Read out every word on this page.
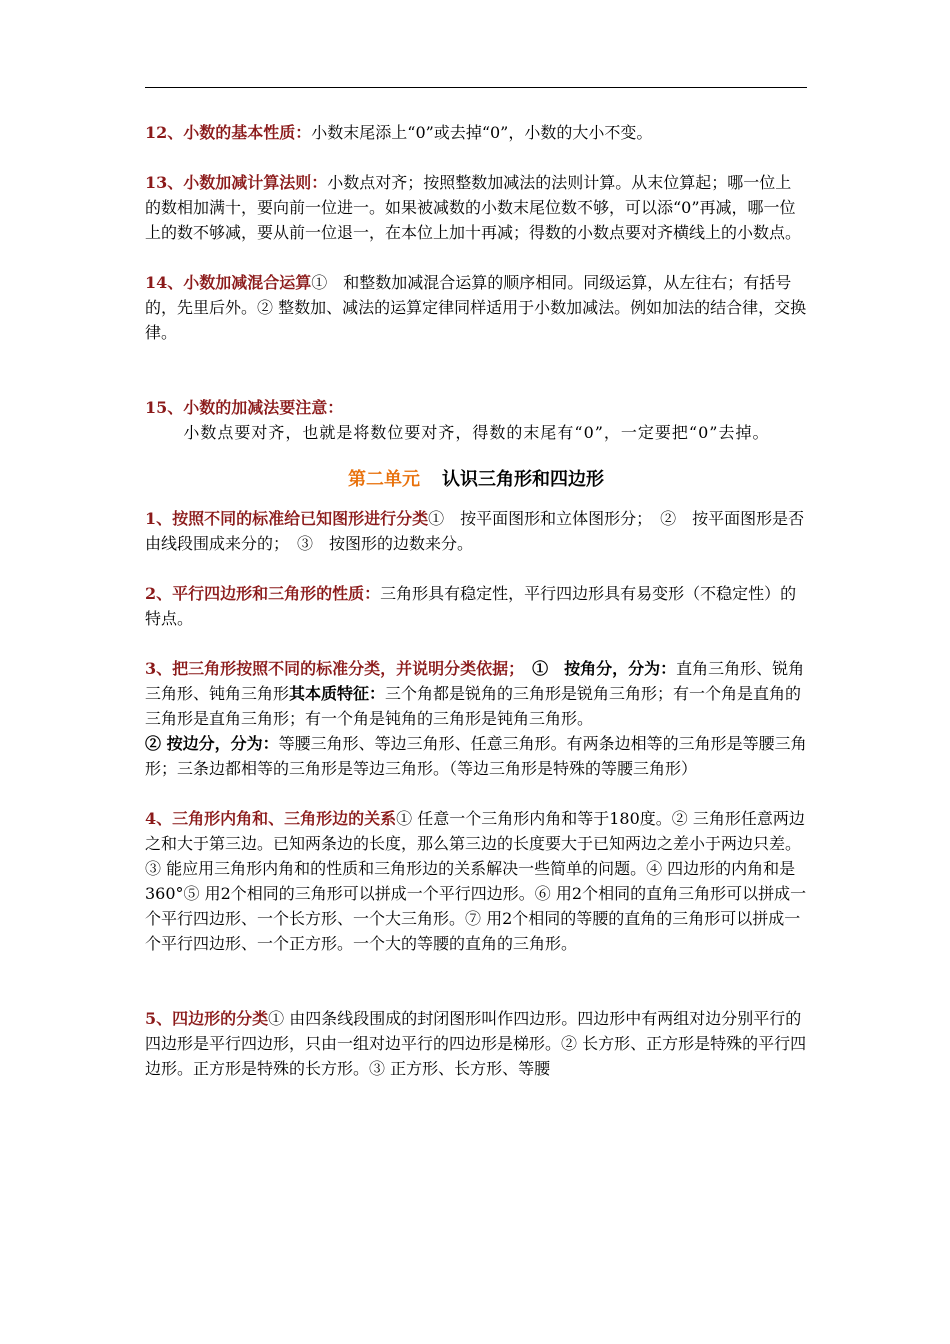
12、小数的基本性质：小数末尾添上“0”或去掉“0”，小数的大小不变。

13、小数加减计算法则：小数点对齐；按照整数加减法的法则计算。从末位算起；哪一位上的数相加满十，要向前一位进一。如果被减数的小数末尾位数不够，可以添“0”再减，哪一位上的数不够减，要从前一位退一，在本位上加十再减；得数的小数点要对齐横线上的小数点。

14、小数加减混合运算①　和整数加减混合运算的顺序相同。同级运算，从左往右；有括号的，先里后外。② 整数加、减法的运算定律同样适用于小数加减法。例如加法的结合律，交换律。

15、小数的加减法要注意：

小数点要对齐，也就是将数位要对齐，得数的末尾有“0”，一定要把“0”去掉。

第二单元 认识三角形和四边形

1、按照不同的标准给已知图形进行分类①　按平面图形和立体图形分；　②　按平面图形是否由线段围成来分的；　③　按图形的边数来分。

2、平行四边形和三角形的性质：三角形具有稳定性，平行四边形具有易变形（不稳定性）的特点。

3、把三角形按照不同的标准分类，并说明分类依据；　①　按角分，分为：直角三角形、锐角三角形、钝角三角形其本质特征：三个角都是锐角的三角形是锐角三角形；有一个角是直角的三角形是直角三角形；有一个角是钝角的三角形是钝角三角形。

② 按边分，分为：等腰三角形、等边三角形、任意三角形。有两条边相等的三角形是等腰三角形；三条边都相等的三角形是等边三角形。（等边三角形是特殊的等腰三角形）

4、三角形内角和、三角形边的关系① 任意一个三角形内角和等于180度。② 三角形任意两边之和大于第三边。已知两条边的长度，那么第三边的长度要大于已知两边之差小于两边只差。③ 能应用三角形内角和的性质和三角形边的关系解决一些简单的问题。④ 四边形的内角和是360°⑤ 用2个相同的三角形可以拼成一个平行四边形。⑥ 用2个相同的直角三角形可以拼成一个平行四边形、一个长方形、一个大三角形。⑦ 用2个相同的等腰的直角的三角形可以拼成一个平行四边形、一个正方形。一个大的等腰的直角的三角形。

5、四边形的分类① 由四条线段围成的封闭图形叫作四边形。四边形中有两组对边分别平行的四边形是平行四边形，只由一组对边平行的四边形是梯形。② 长方形、正方形是特殊的平行四边形。正方形是特殊的长方形。③ 正方形、长方形、等腰
